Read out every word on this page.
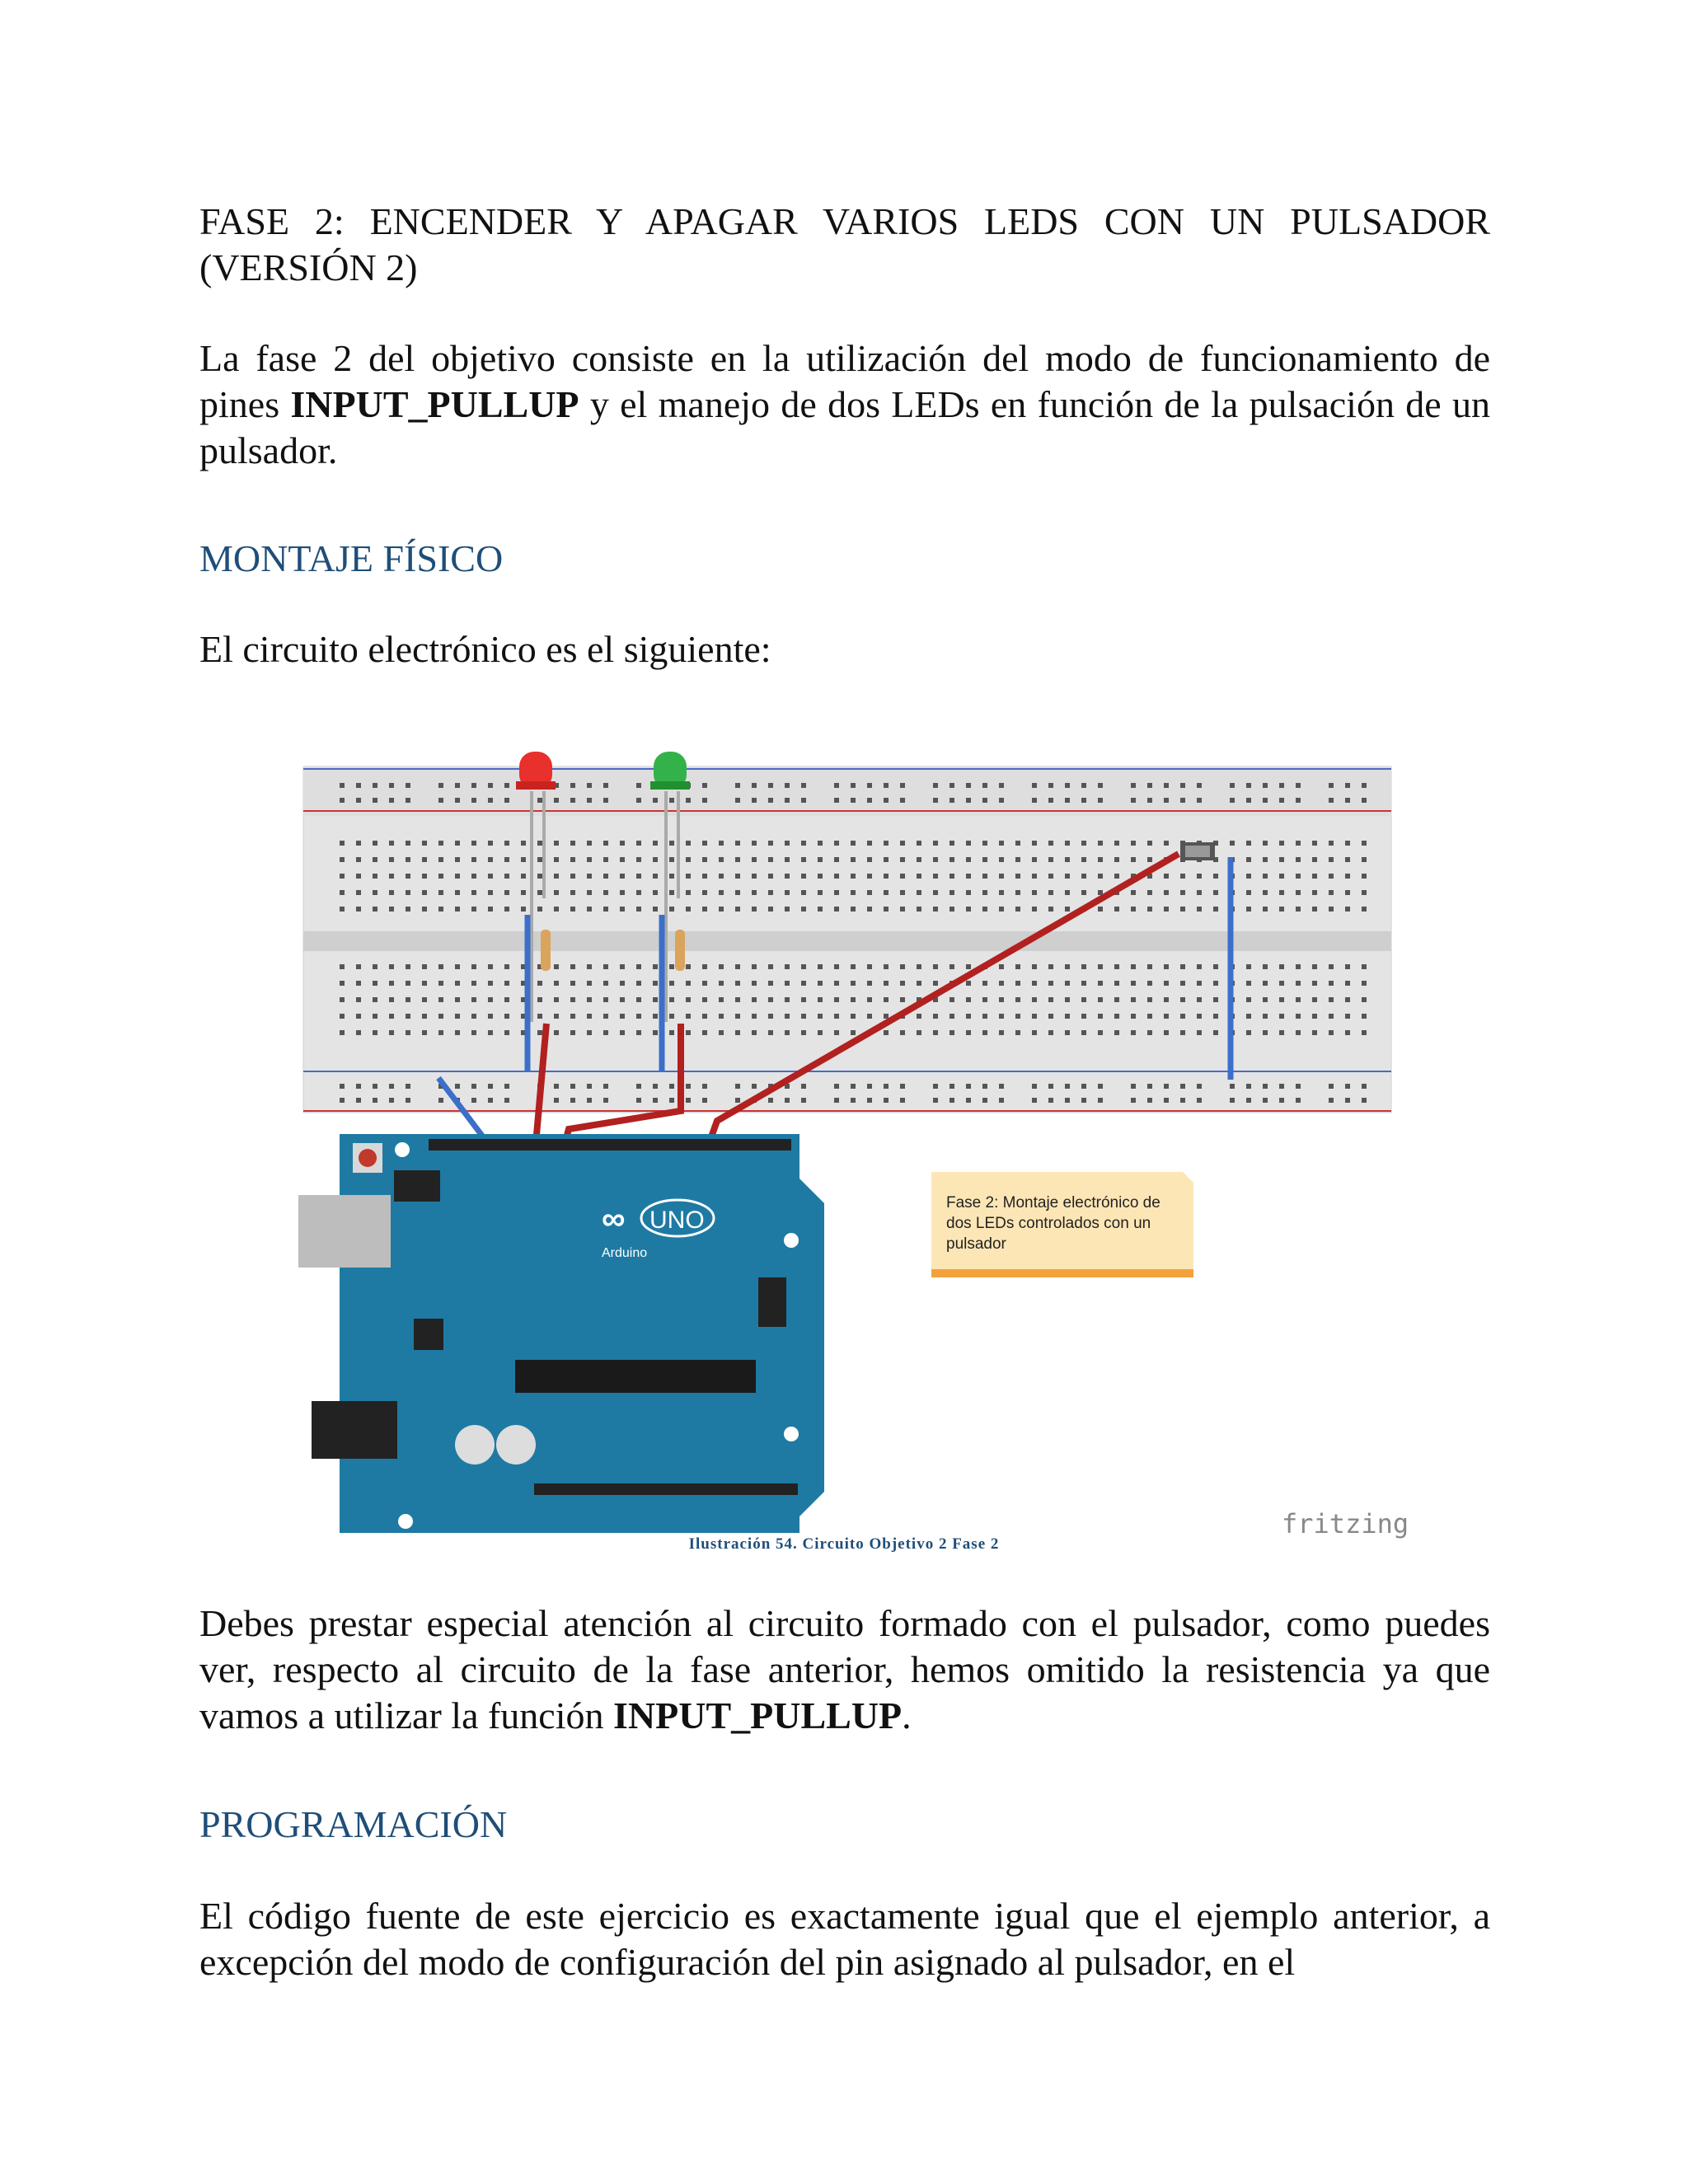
FASE 2: ENCENDER Y APAGAR VARIOS LEDS CON UN PULSADOR (VERSIÓN 2)

La fase 2 del objetivo consiste en la utilización del modo de funcionamiento de pines INPUT_PULLUP y el manejo de dos LEDs en función de la pulsación de un pulsador.

MONTAJE FÍSICO

El circuito electrónico es el siguiente:

Debes prestar especial atención al circuito formado con el pulsador, como puedes ver, respecto al circuito de la fase anterior, hemos omitido la resistencia ya que vamos a utilizar la función INPUT_PULLUP.

PROGRAMACIÓN

El código fuente de este ejercicio es exactamente igual que el ejemplo anterior, a excepción del modo de configuración del pin asignado al pulsador, en el

∞ UNO
Arduino
Fase 2: Montaje electrónico de
dos LEDs controlados con un
pulsador
fritzing
Ilustración 54. Circuito Objetivo 2 Fase 2
